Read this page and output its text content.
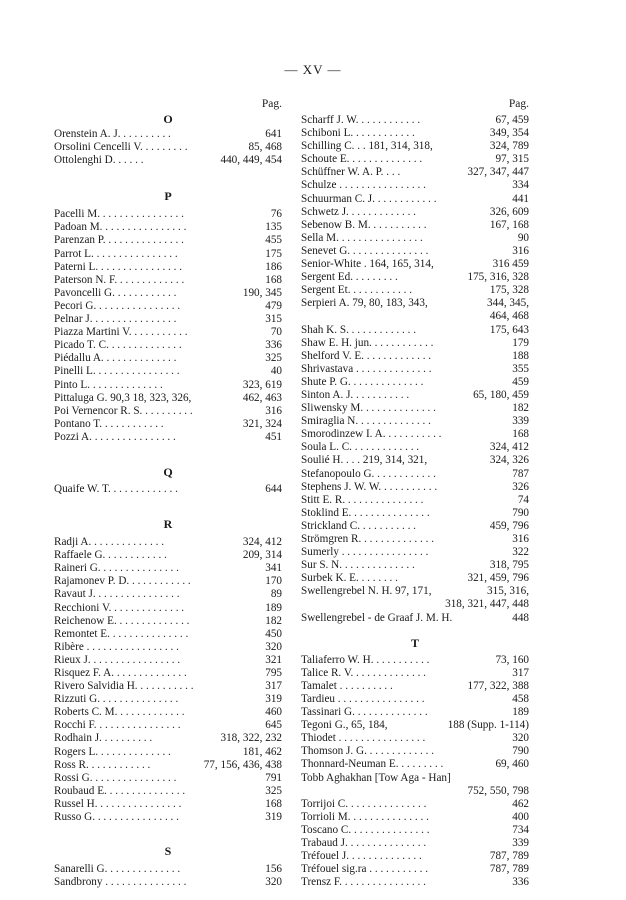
— XV —
Pag.
O
Orenstein A. J. . . . . . . . . .	641
Orsolini Cencelli V. . . . . . . . .	85, 468
Ottolenghi D. . . . . .	440, 449, 454
P
Pacelli M. . . . . . . . . . . . . . . .	76
Padoan M. . . . . . . . . . . . . . . .	135
Parenzan P. . . . . . . . . . . . . . .	455
Parrot L. . . . . . . . . . . . . . . .	175
Paterni L. . . . . . . . . . . . . . . .	186
Paterson N. F. . . . . . . . . . . . .	168
Pavoncelli G. . . . . . . . . . . .	190, 345
Pecori G. . . . . . . . . . . . . . . .	479
Pelnar J. . . . . . . . . . . . . . . .	315
Piazza Martini V. . . . . . . . . . .	70
Picado T. C. . . . . . . . . . . . . .	336
Piédallu A. . . . . . . . . . . . . .	325
Pinelli L. . . . . . . . . . . . . . . .	40
Pinto L. . . . . . . . . . . . . .	323, 619
Pittaluga G. 90,3 18, 323, 326,	462, 463
Poi Vernencor R. S. . . . . . . . . .	316
Pontano T. . . . . . . . . . . .	321, 324
Pozzi A. . . . . . . . . . . . . . . .	451
Q
Quaife W. T. . . . . . . . . . . . .	644
R
Radji A. . . . . . . . . . . . . .	324, 412
Raffaele G. . . . . . . . . . . .	209, 314
Raineri G. . . . . . . . . . . . . . .	341
Rajamonev P. D. . . . . . . . . . . .	170
Ravaut J. . . . . . . . . . . . . . . .	89
Recchioni V. . . . . . . . . . . . . .	189
Reichenow E. . . . . . . . . . . . . .	182
Remontet E. . . . . . . . . . . . . . .	450
Ribère . . . . . . . . . . . . . . . . .	320
Rieux J. . . . . . . . . . . . . . . . .	321
Risquez F. A. . . . . . . . . . . . . .	795
Rivero Salvidia H. . . . . . . . . . .	317
Rizzuti G. . . . . . . . . . . . . . .	319
Roberts C. M. . . . . . . . . . . . .	460
Rocchi F. . . . . . . . . . . . . . . .	645
Rodhain J. . . . . . . . . .	318, 322, 232
Rogers L. . . . . . . . . . . . . .	181, 462
Ross R. . . . . . . . . . . .	77, 156, 436, 438
Rossi G. . . . . . . . . . . . . . . .	791
Roubaud E. . . . . . . . . . . . . . .	325
Russel H. . . . . . . . . . . . . . . .	168
Russo G. . . . . . . . . . . . . . . .	319
S
Sanarelli G. . . . . . . . . . . . . .	156
Sandbrony . . . . . . . . . . . . . . .	320
Pag.
Scharff J. W. . . . . . . . . . . .	67, 459
Schiboni L. . . . . . . . . . . .	349, 354
Schilling C. . . 181, 314, 318,	324, 789
Schoute E. . . . . . . . . . . . . .	97, 315
Schüffner W. A. P. . . .	327, 347, 447
Schulze . . . . . . . . . . . . . . . .	334
Schuurman C. J. . . . . . . . . . . .	441
Schwetz J. . . . . . . . . . . . .	326, 609
Sebenow B. M. . . . . . . . . . .	167, 168
Sella M. . . . . . . . . . . . . . . .	90
Senevet G. . . . . . . . . . . . . . .	316
Senior-White . 164, 165, 314,	316 459
Sergent Ed. . . . . . . . .	175, 316, 328
Sergent Et. . . . . . . . . . . .	175, 328
Serpieri A. 79, 80, 183, 343,	344, 345,
464, 468
Shah K. S. . . . . . . . . . . . .	175, 643
Shaw E. H. jun. . . . . . . . . . . .	179
Shelford V. E. . . . . . . . . . . . .	188
Shrivastava . . . . . . . . . . . . . .	355
Shute P. G. . . . . . . . . . . . . .	459
Sinton A. J. . . . . . . . . . .	65, 180, 459
Sliwensky M. . . . . . . . . . . . . .	182
Smiraglia N. . . . . . . . . . . . . .	339
Smorodinzew I. A. . . . . . . . . . .	168
Soula L. C. . . . . . . . . . . . .	324, 412
Soulié H. . . . 219, 314, 321,	324, 326
Stefanopoulo G. . . . . . . . . . . .	787
Stephens J. W. W. . . . . . . . . . .	326
Stitt E. R. . . . . . . . . . . . . . .	74
Stoklind E. . . . . . . . . . . . . . .	790
Strickland C. . . . . . . . . . .	459, 796
Strömgren R. . . . . . . . . . . . . .	316
Sumerly . . . . . . . . . . . . . . . .	322
Sur S. N. . . . . . . . . . . . . .	318, 795
Surbek K. E. . . . . . . .	321, 459, 796
Swellengrebel N. H. 97, 171,	315, 316,
318, 321, 447, 448
Swellengrebel - de Graaf J. M. H.	448
T
Taliaferro W. H. . . . . . . . . . .	73, 160
Talice R. V. . . . . . . . . . . . . .	317
Tamalet . . . . . . . . . .	177, 322, 388
Tardieu . . . . . . . . . . . . . . . .	458
Tassinari G. . . . . . . . . . . . . .	189
Tegoni G., 65, 184,	188 (Supp. 1-114)
Thiodet . . . . . . . . . . . . . . . .	320
Thomson J. G. . . . . . . . . . . . .	790
Thonnard-Neuman E. . . . . . . . .	69, 460
Tobb Aghakhan [Tow Aga - Han]
752, 550, 798
Torrijoi C. . . . . . . . . . . . . . .	462
Torrioli M. . . . . . . . . . . . . . .	400
Toscano C. . . . . . . . . . . . . . .	734
Trabaud J. . . . . . . . . . . . . . .	339
Tréfouel J. . . . . . . . . . . . . .	787, 789
Tréfouel sig.ra . . . . . . . . . . .	787, 789
Trensz F. . . . . . . . . . . . . . . .	336
